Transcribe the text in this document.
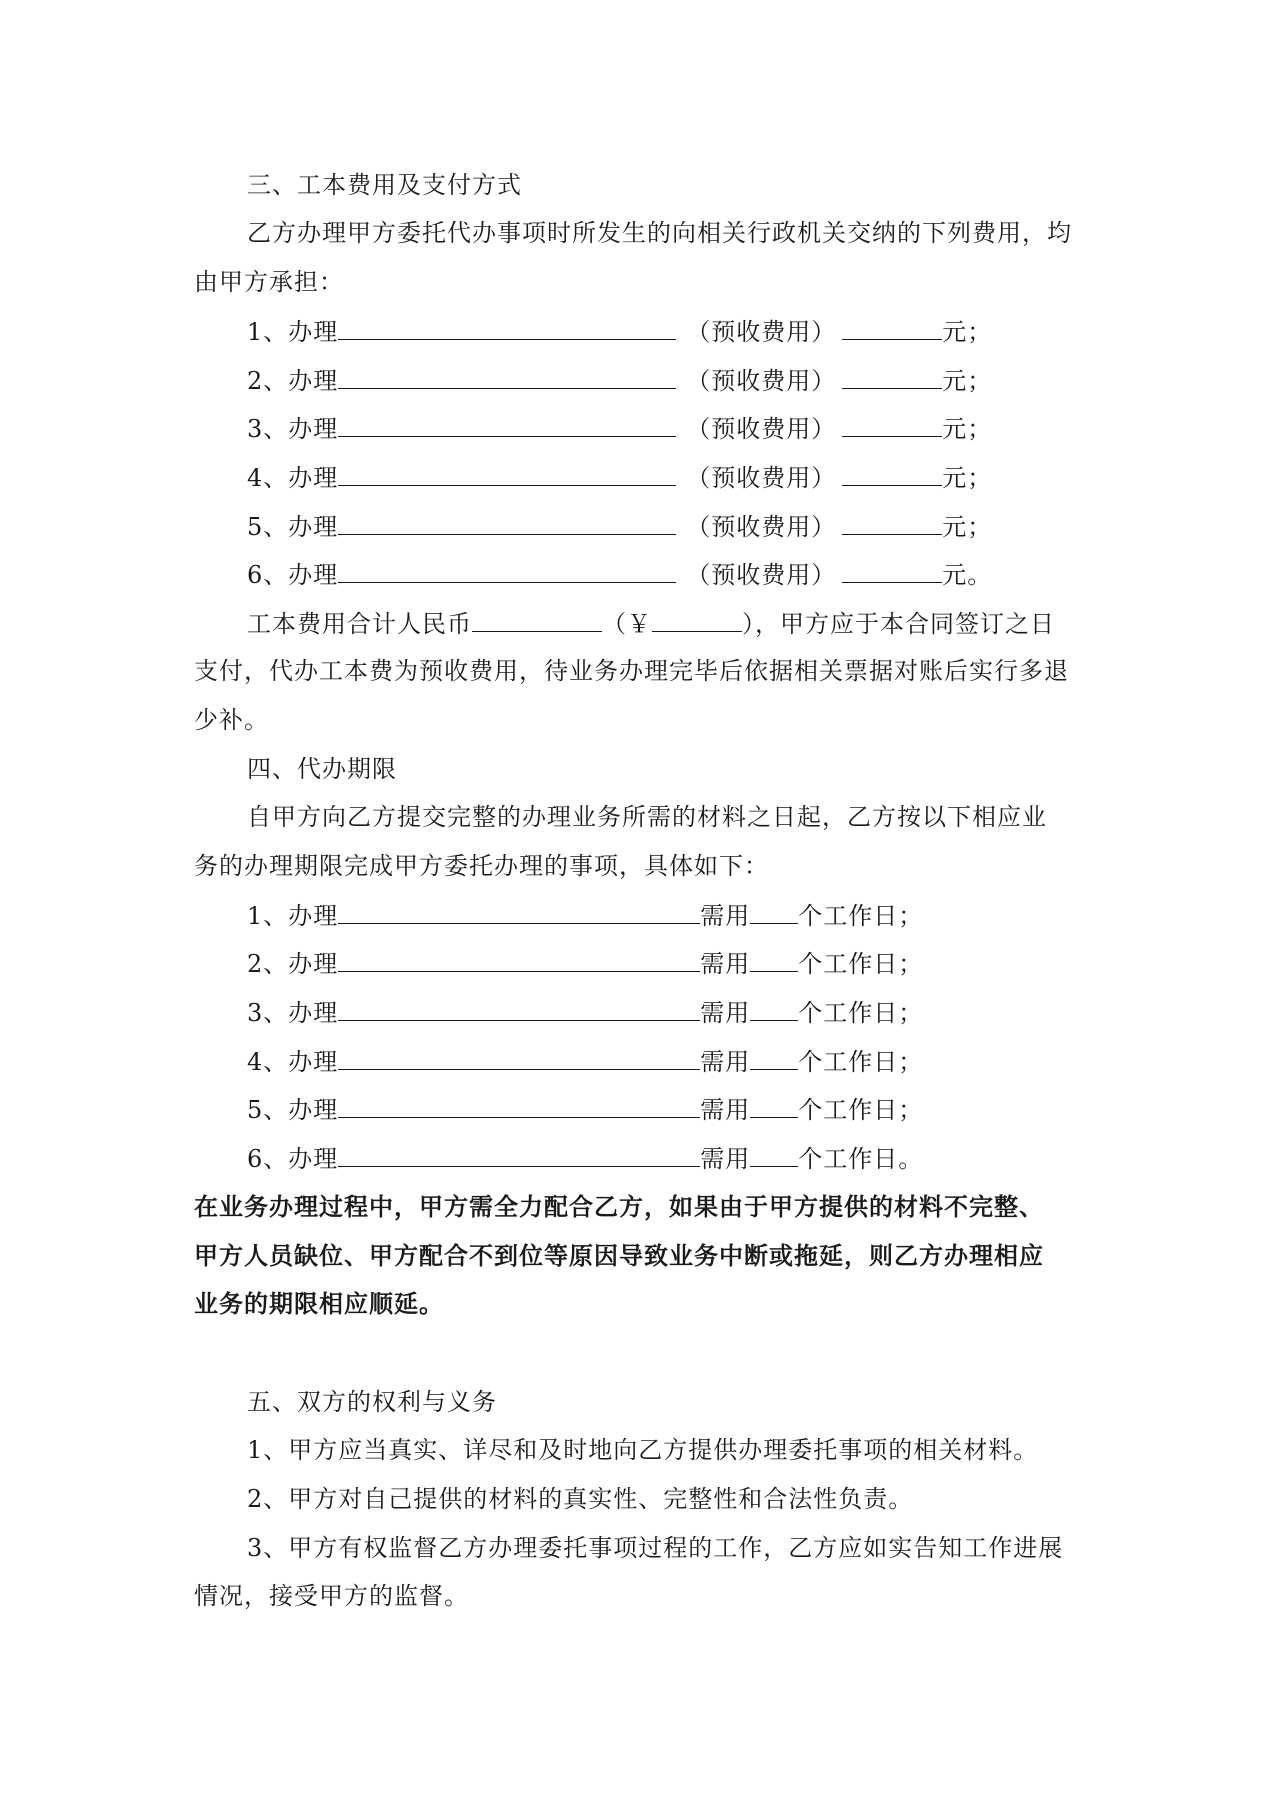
三、工本费用及支付方式
乙方办理甲方委托代办事项时所发生的向相关行政机关交纳的下列费用，均
由甲方承担：
工本费用合计人民币	（￥	），甲方应于本合同签订之日
支付，代办工本费为预收费用，待业务办理完毕后依据相关票据对账后实行多退
少补。
四、代办期限
自甲方向乙方提交完整的办理业务所需的材料之日起，乙方按以下相应业
务的办理期限完成甲方委托办理的事项，具体如下：
在业务办理过程中，甲方需全力配合乙方，如果由于甲方提供的材料不完整、
甲方人员缺位、甲方配合不到位等原因导致业务中断或拖延，则乙方办理相应
业务的期限相应顺延。
五、双方的权利与义务
1、甲方应当真实、详尽和及时地向乙方提供办理委托事项的相关材料。
2、甲方对自己提供的材料的真实性、完整性和合法性负责。
3、甲方有权监督乙方办理委托事项过程的工作，乙方应如实告知工作进展
情况，接受甲方的监督。
1、办理	（预收费用）	元；
2、办理	（预收费用）	元；
3、办理	（预收费用）	元；
4、办理	（预收费用）	元；
5、办理	（预收费用）	元；
6、办理	（预收费用）	元。
1、办理	需用 个工作日；
2、办理	需用 个工作日；
3、办理	需用 个工作日；
4、办理	需用 个工作日；
5、办理	需用 个工作日；
6、办理	需用 个工作日。
